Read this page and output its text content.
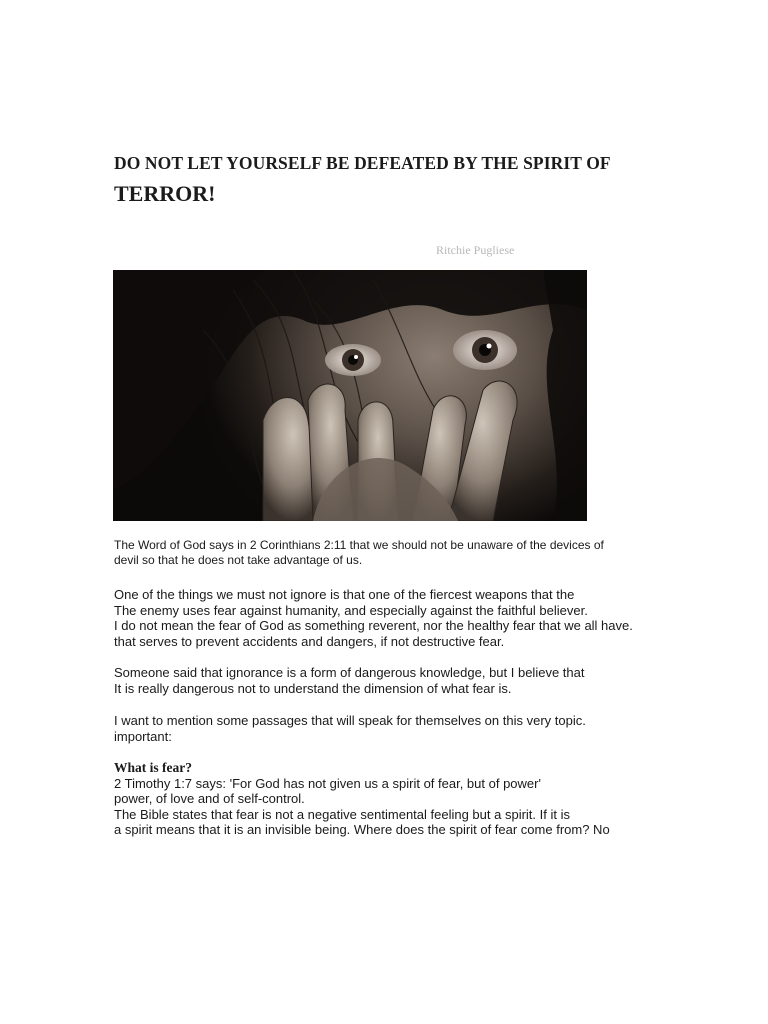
DO NOT LET YOURSELF BE DEFEATED BY THE SPIRIT OF
TERROR!
Ritchie Pugliese
The Word of God says in 2 Corinthians 2:11 that we should not be unaware of the devices of
devil so that he does not take advantage of us.
One of the things we must not ignore is that one of the fiercest weapons that the
The enemy uses fear against humanity, and especially against the faithful believer.
I do not mean the fear of God as something reverent, nor the healthy fear that we all have.
that serves to prevent accidents and dangers, if not destructive fear.
Someone said that ignorance is a form of dangerous knowledge, but I believe that
It is really dangerous not to understand the dimension of what fear is.
I want to mention some passages that will speak for themselves on this very topic.
important:
What is fear?
2 Timothy 1:7 says: 'For God has not given us a spirit of fear, but of power'
power, of love and of self-control.
The Bible states that fear is not a negative sentimental feeling but a spirit. If it is
a spirit means that it is an invisible being. Where does the spirit of fear come from? No
